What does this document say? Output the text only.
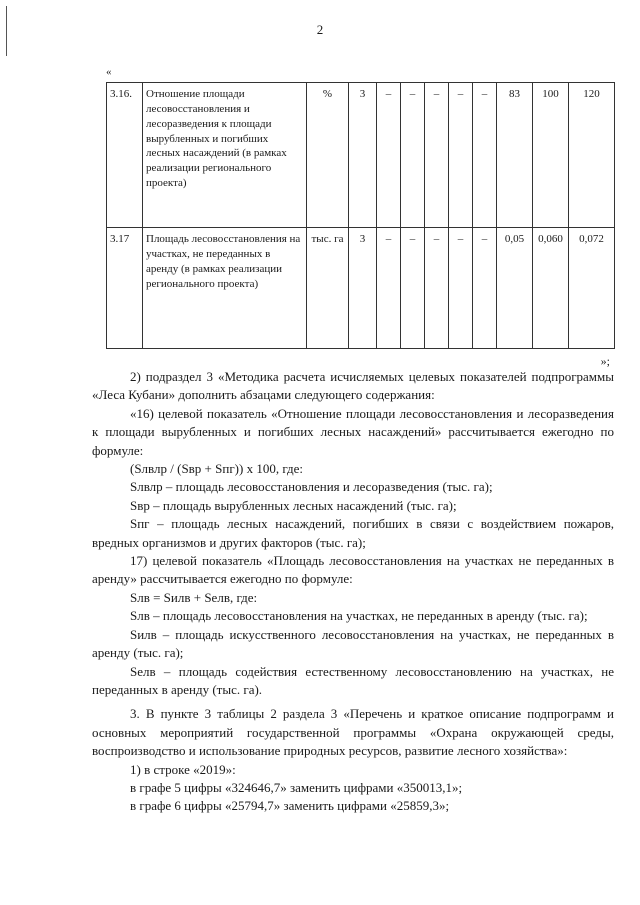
2
«
3.16.	Отношение площади лесовосстановления и лесоразведения к площади вырубленных и погибших лесных насаждений (в рамках реализации регионального проекта)	%	3	–	–	–	–	–	83	100	120
3.17	Площадь лесовосстановления на участках, не переданных в аренду (в рамках реализации регионального проекта)	тыс. га	3	–	–	–	–	–	0,05	0,060	0,072
»;

2) подраздел 3 «Методика расчета исчисляемых целевых показателей подпрограммы «Леса Кубани» дополнить абзацами следующего содержания:

«16) целевой показатель «Отношение площади лесовосстановления и лесоразведения к площади вырубленных и погибших лесных насаждений» рассчитывается ежегодно по формуле:

(Sлвлр / (Sвр + Sпг)) х 100, где:

Sлвлр – площадь лесовосстановления и лесоразведения (тыс. га);

Sвр – площадь вырубленных лесных насаждений (тыс. га);

Sпг – площадь лесных насаждений, погибших в связи с воздействием пожаров, вредных организмов и других факторов (тыс. га);

17) целевой показатель «Площадь лесовосстановления на участках не переданных в аренду» рассчитывается ежегодно по формуле:

Sлв = Sилв + Sелв, где:

Sлв – площадь лесовосстановления на участках, не переданных в аренду (тыс. га);

Sилв – площадь искусственного лесовосстановления на участках, не переданных в аренду (тыс. га);

Sелв – площадь содействия естественному лесовосстановлению на участках, не переданных в аренду (тыс. га).

3. В пункте 3 таблицы 2 раздела 3 «Перечень и краткое описание подпрограмм и основных мероприятий государственной программы «Охрана окружающей среды, воспроизводство и использование природных ресурсов, развитие лесного хозяйства»:

1) в строке «2019»:

в графе 5 цифры «324646,7» заменить цифрами «350013,1»;

в графе 6 цифры «25794,7» заменить цифрами «25859,3»;
